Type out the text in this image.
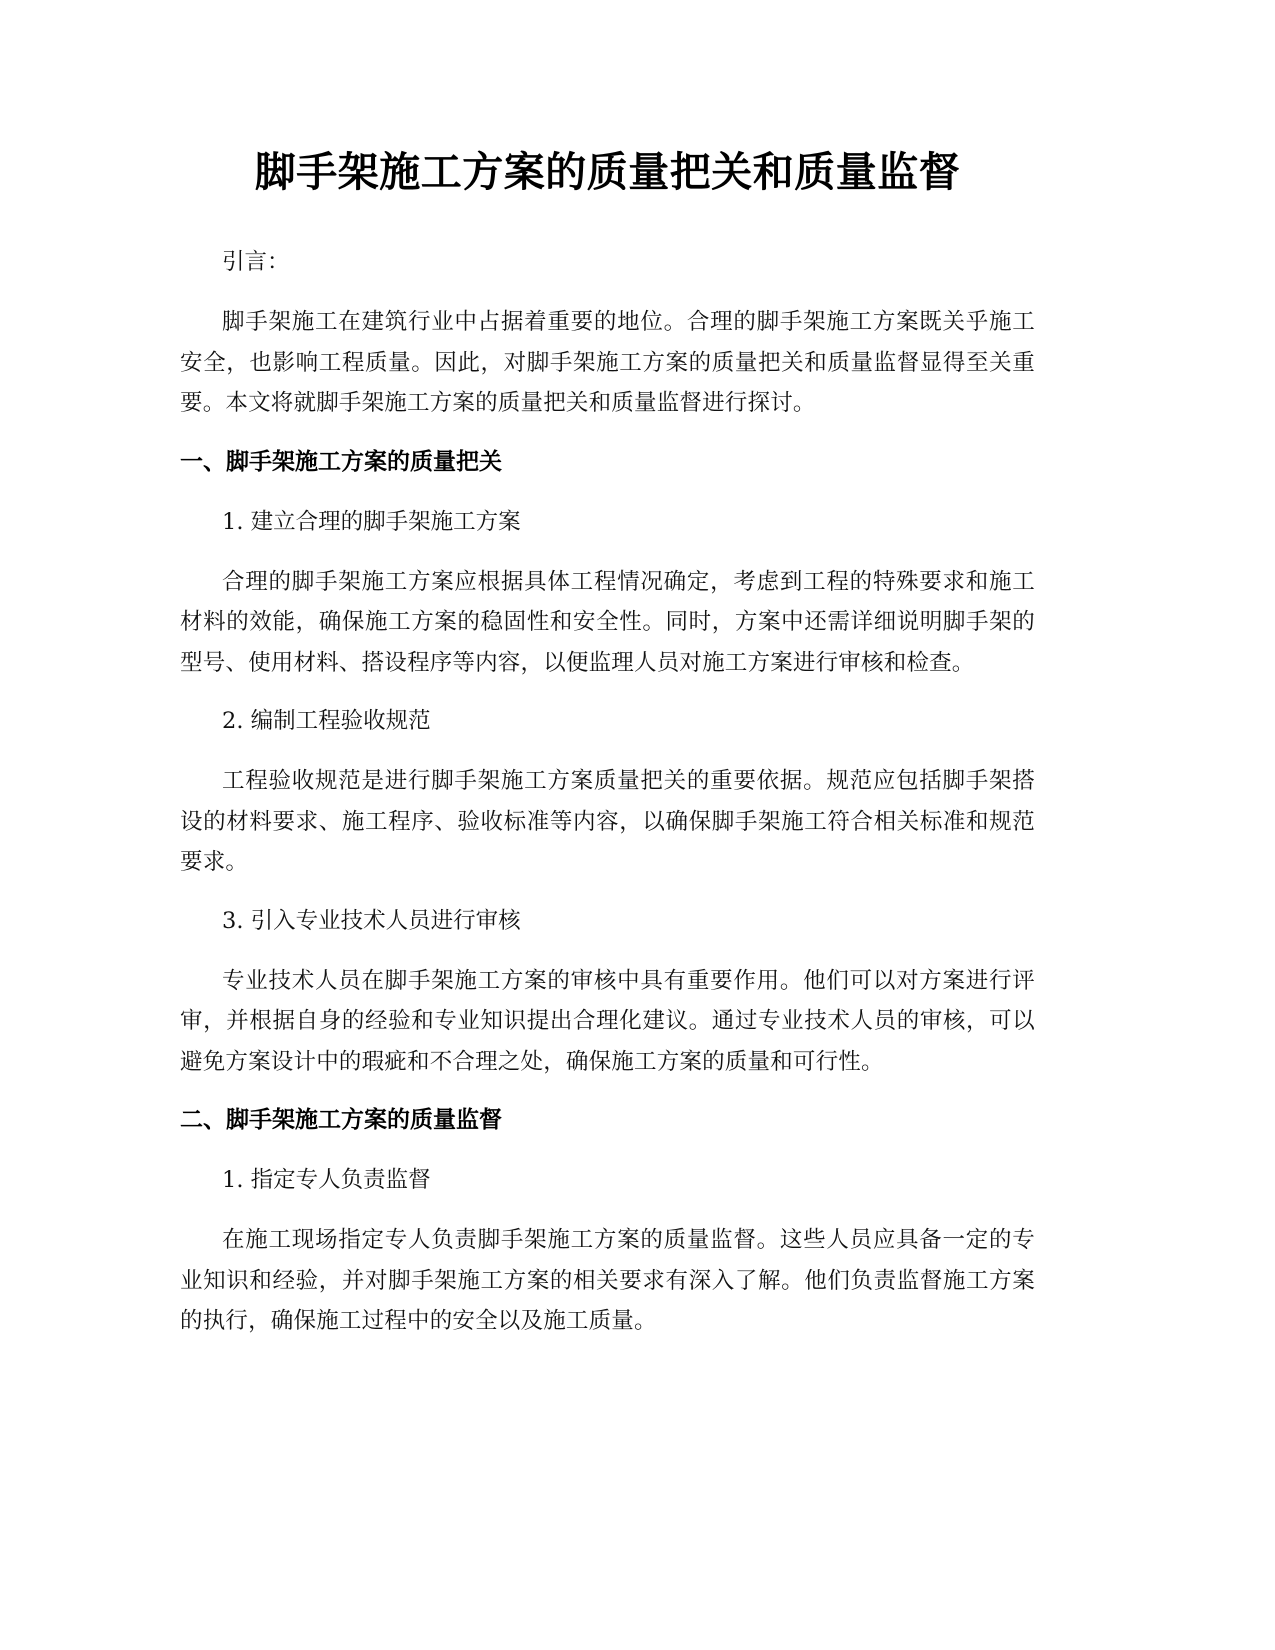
脚手架施工方案的质量把关和质量监督

引言：

脚手架施工在建筑行业中占据着重要的地位。合理的脚手架施工方案既关乎施工安全，也影响工程质量。因此，对脚手架施工方案的质量把关和质量监督显得至关重要。本文将就脚手架施工方案的质量把关和质量监督进行探讨。

一、脚手架施工方案的质量把关

1. 建立合理的脚手架施工方案

合理的脚手架施工方案应根据具体工程情况确定，考虑到工程的特殊要求和施工材料的效能，确保施工方案的稳固性和安全性。同时，方案中还需详细说明脚手架的型号、使用材料、搭设程序等内容，以便监理人员对施工方案进行审核和检查。

2. 编制工程验收规范

工程验收规范是进行脚手架施工方案质量把关的重要依据。规范应包括脚手架搭设的材料要求、施工程序、验收标准等内容，以确保脚手架施工符合相关标准和规范要求。

3. 引入专业技术人员进行审核

专业技术人员在脚手架施工方案的审核中具有重要作用。他们可以对方案进行评审，并根据自身的经验和专业知识提出合理化建议。通过专业技术人员的审核，可以避免方案设计中的瑕疵和不合理之处，确保施工方案的质量和可行性。

二、脚手架施工方案的质量监督

1. 指定专人负责监督

在施工现场指定专人负责脚手架施工方案的质量监督。这些人员应具备一定的专业知识和经验，并对脚手架施工方案的相关要求有深入了解。他们负责监督施工方案的执行，确保施工过程中的安全以及施工质量。
